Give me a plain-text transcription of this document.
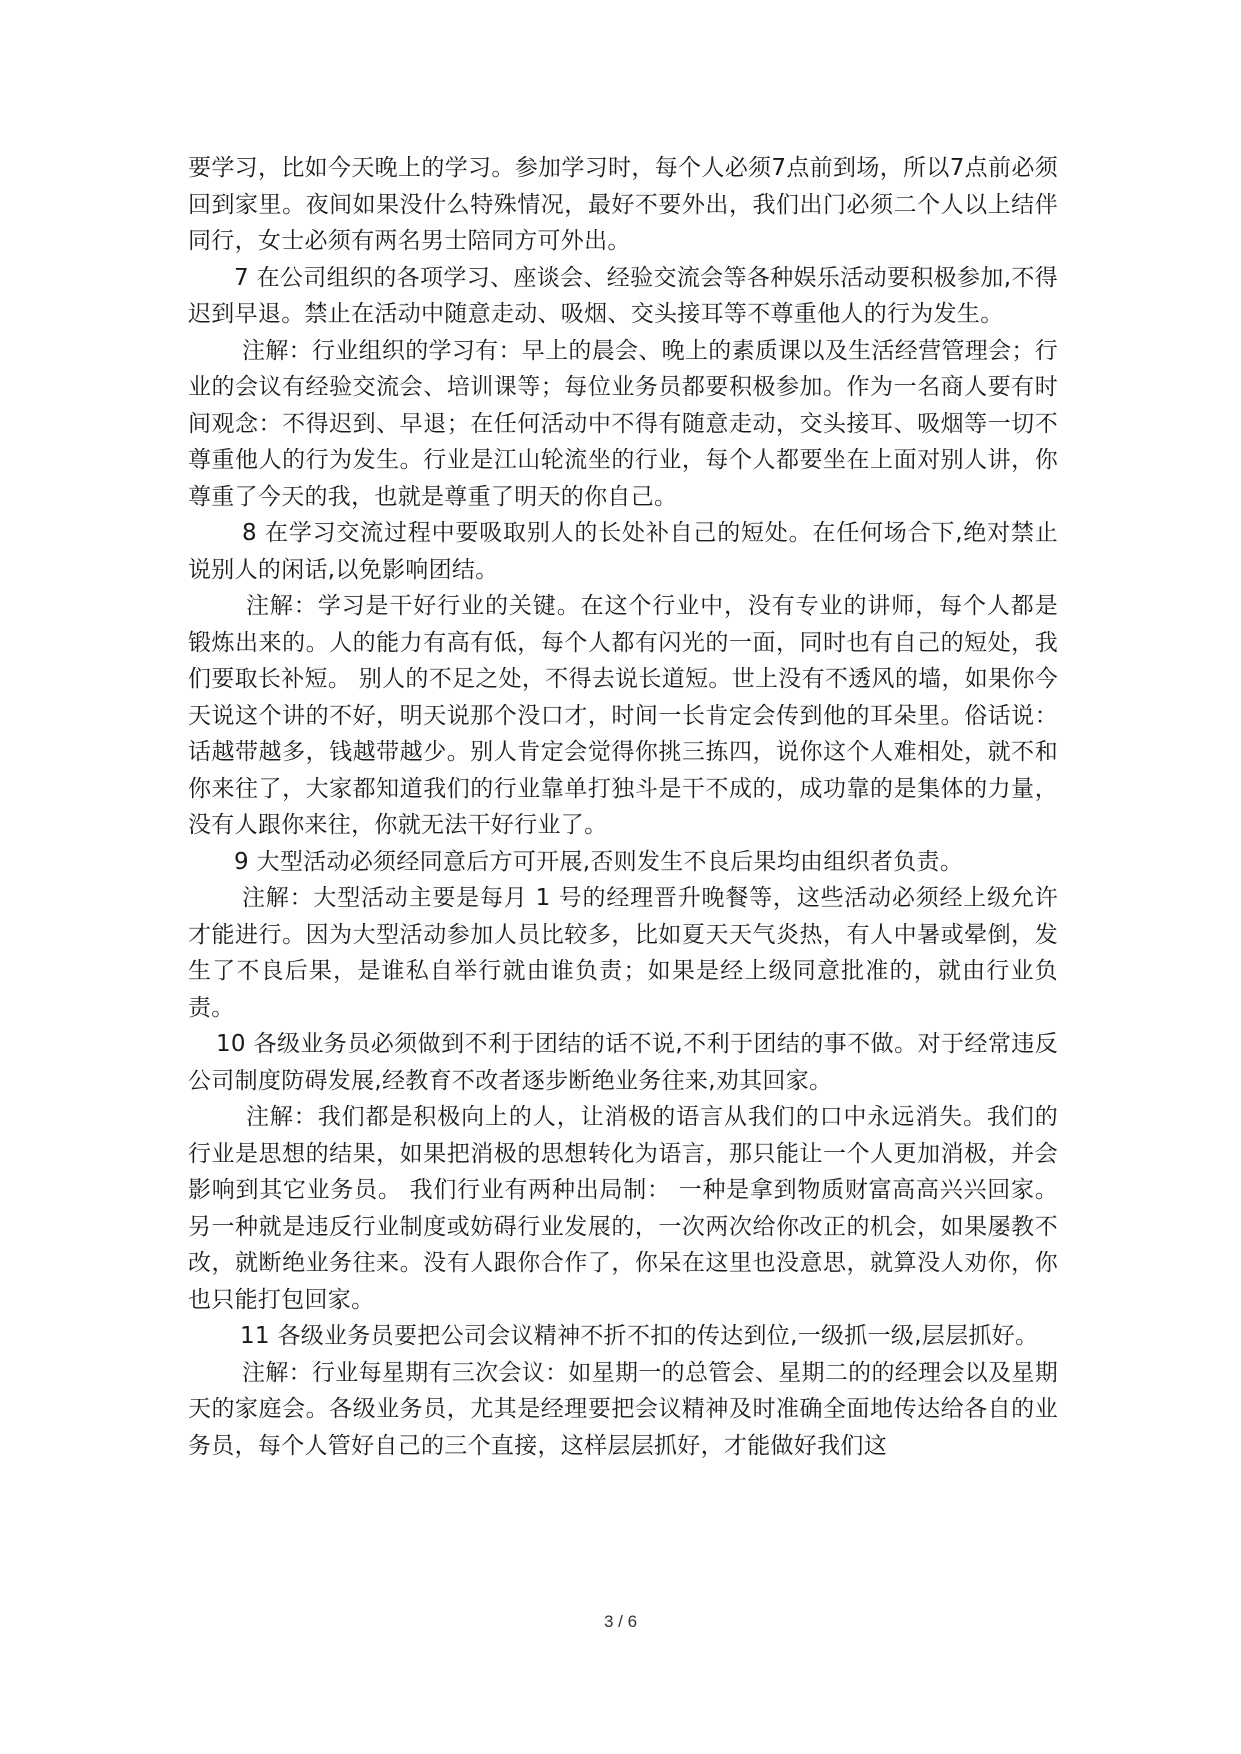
要学习，比如今天晚上的学习。参加学习时，每个人必须7点前到场，所以7点前必须回到家里。夜间如果没什么特殊情况，最好不要外出，我们出门必须二个人以上结伴同行，女士必须有两名男士陪同方可外出。

7 在公司组织的各项学习、座谈会、经验交流会等各种娱乐活动要积极参加,不得迟到早退。禁止在活动中随意走动、吸烟、交头接耳等不尊重他人的行为发生。

注解：行业组织的学习有：早上的晨会、晚上的素质课以及生活经营管理会；行业的会议有经验交流会、培训课等；每位业务员都要积极参加。作为一名商人要有时间观念：不得迟到、早退；在任何活动中不得有随意走动，交头接耳、吸烟等一切不尊重他人的行为发生。行业是江山轮流坐的行业，每个人都要坐在上面对别人讲，你尊重了今天的我，也就是尊重了明天的你自己。

8 在学习交流过程中要吸取别人的长处补自己的短处。在任何场合下,绝对禁止说别人的闲话,以免影响团结。

注解：学习是干好行业的关键。在这个行业中，没有专业的讲师，每个人都是锻炼出来的。人的能力有高有低，每个人都有闪光的一面，同时也有自己的短处，我们要取长补短。 别人的不足之处，不得去说长道短。世上没有不透风的墙，如果你今天说这个讲的不好，明天说那个没口才，时间一长肯定会传到他的耳朵里。俗话说：话越带越多，钱越带越少。别人肯定会觉得你挑三拣四，说你这个人难相处，就不和你来往了，大家都知道我们的行业靠单打独斗是干不成的，成功靠的是集体的力量，没有人跟你来往，你就无法干好行业了。

9 大型活动必须经同意后方可开展,否则发生不良后果均由组织者负责。

注解：大型活动主要是每月 1 号的经理晋升晚餐等，这些活动必须经上级允许才能进行。因为大型活动参加人员比较多，比如夏天天气炎热，有人中暑或晕倒，发生了不良后果，是谁私自举行就由谁负责；如果是经上级同意批准的，就由行业负责。

10 各级业务员必须做到不利于团结的话不说,不利于团结的事不做。对于经常违反公司制度防碍发展,经教育不改者逐步断绝业务往来,劝其回家。

注解：我们都是积极向上的人，让消极的语言从我们的口中永远消失。我们的行业是思想的结果，如果把消极的思想转化为语言，那只能让一个人更加消极，并会影响到其它业务员。 我们行业有两种出局制： 一种是拿到物质财富高高兴兴回家。另一种就是违反行业制度或妨碍行业发展的，一次两次给你改正的机会，如果屡教不改，就断绝业务往来。没有人跟你合作了，你呆在这里也没意思，就算没人劝你，你也只能打包回家。

11 各级业务员要把公司会议精神不折不扣的传达到位,一级抓一级,层层抓好。

注解：行业每星期有三次会议：如星期一的总管会、星期二的的经理会以及星期天的家庭会。各级业务员，尤其是经理要把会议精神及时准确全面地传达给各自的业务员，每个人管好自己的三个直接，这样层层抓好，才能做好我们这

3 / 6
